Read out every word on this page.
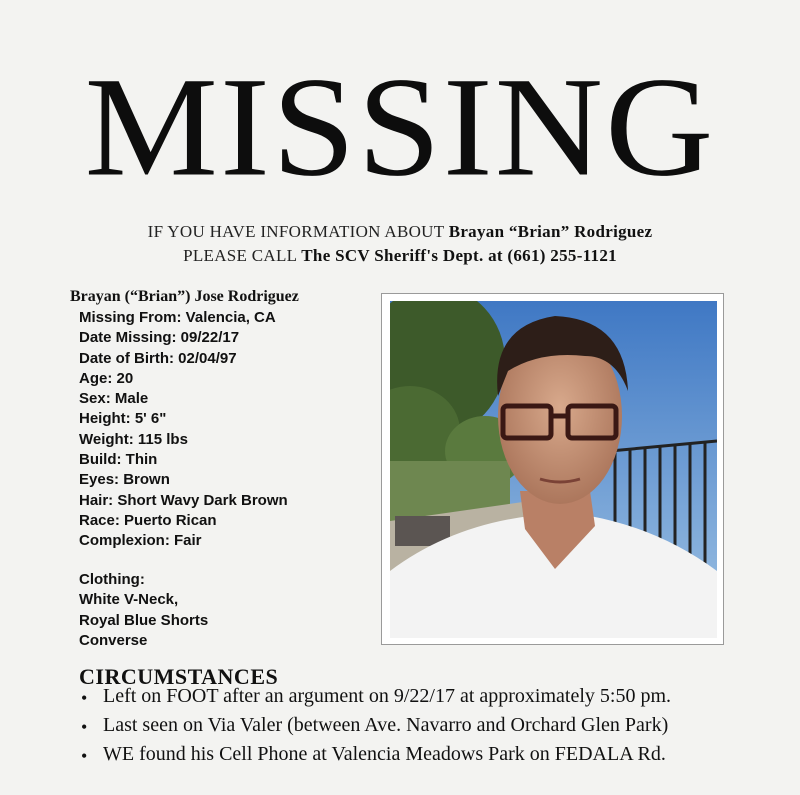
MISSING
IF YOU HAVE INFORMATION ABOUT Brayan “Brian” Rodriguez
PLEASE CALL The SCV Sheriff's Dept. at (661) 255-1121
Brayan (“Brian”) Jose Rodriguez
Missing From: Valencia, CA
Date Missing: 09/22/17
Date of Birth: 02/04/97
Age: 20
Sex: Male
Height: 5' 6"
Weight: 115 lbs
Build: Thin
Eyes: Brown
Hair: Short Wavy Dark Brown
Race: Puerto Rican
Complexion: Fair
Clothing:
White V-Neck,
Royal Blue Shorts
Converse
CIRCUMSTANCES
• Left on FOOT after an argument on 9/22/17 at approximately 5:50 pm.
• Last seen on Via Valer (between Ave. Navarro and Orchard Glen Park)
• WE found his Cell Phone at Valencia Meadows Park on FEDALA Rd.
